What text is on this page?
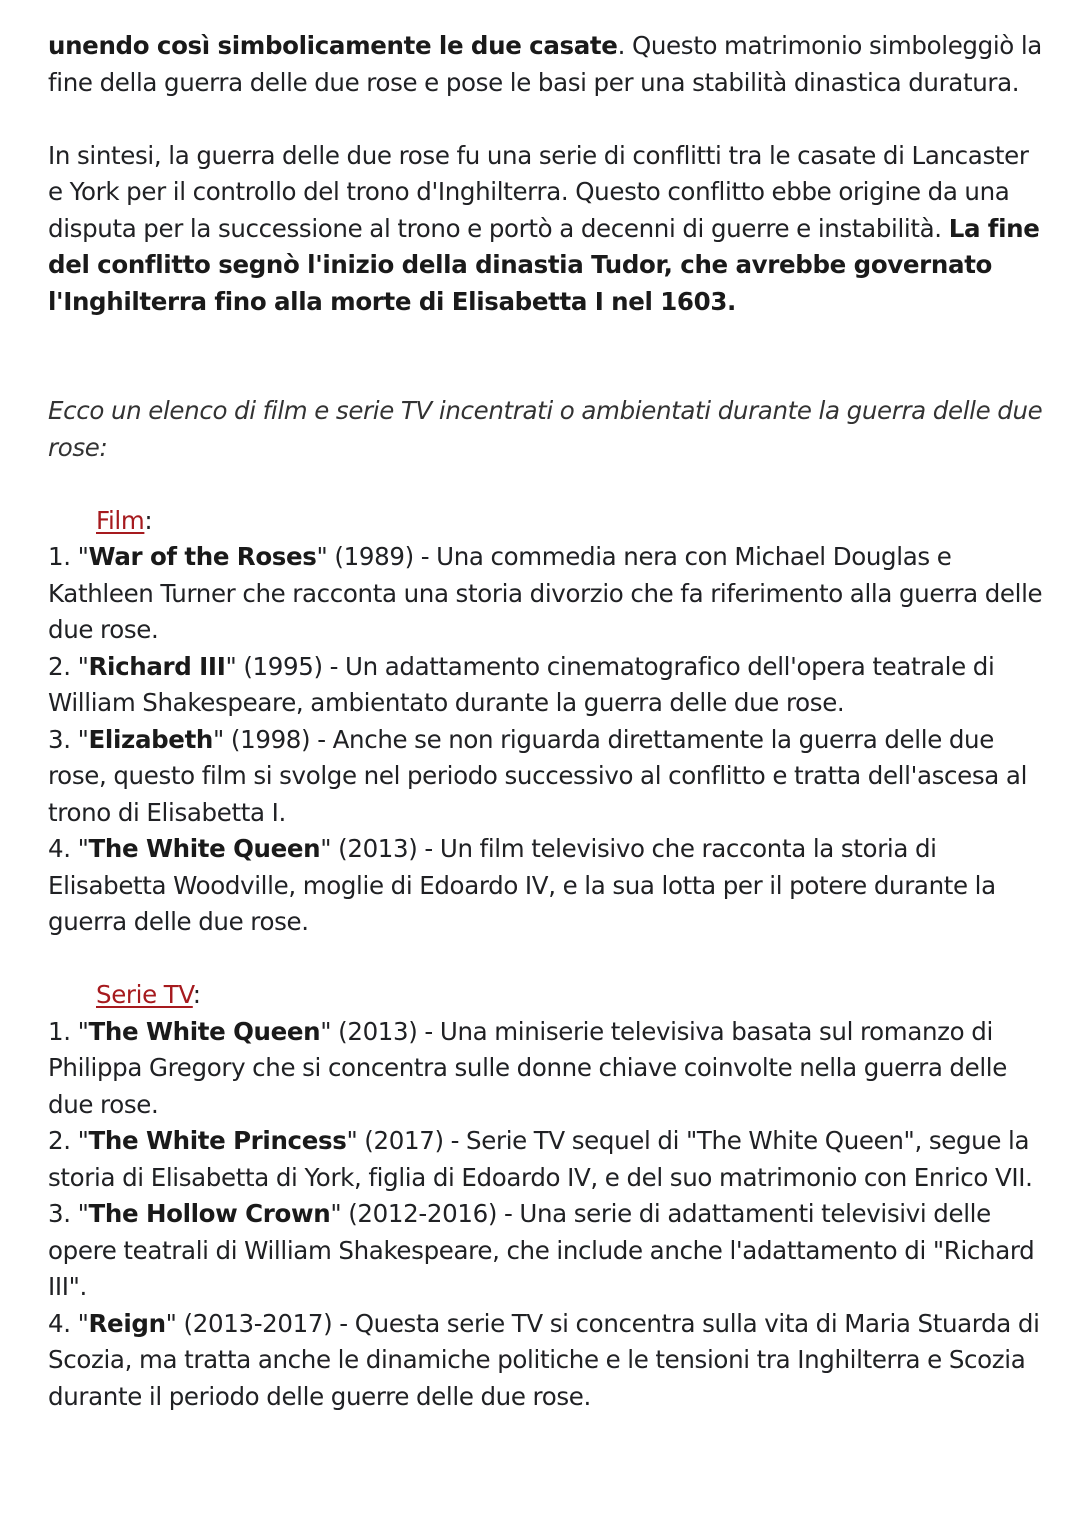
unendo così simbolicamente le due casate. Questo matrimonio simboleggiò la fine della guerra delle due rose e pose le basi per una stabilità dinastica duratura.

In sintesi, la guerra delle due rose fu una serie di conflitti tra le casate di Lancaster e York per il controllo del trono d'Inghilterra. Questo conflitto ebbe origine da una disputa per la successione al trono e portò a decenni di guerre e instabilità. La fine del conflitto segnò l'inizio della dinastia Tudor, che avrebbe governato l'Inghilterra fino alla morte di Elisabetta I nel 1603.

Ecco un elenco di film e serie TV incentrati o ambientati durante la guerra delle due rose:

Film:

1. "War of the Roses" (1989) - Una commedia nera con Michael Douglas e Kathleen Turner che racconta una storia divorzio che fa riferimento alla guerra delle due rose.

2. "Richard III" (1995) - Un adattamento cinematografico dell'opera teatrale di William Shakespeare, ambientato durante la guerra delle due rose.

3. "Elizabeth" (1998) - Anche se non riguarda direttamente la guerra delle due rose, questo film si svolge nel periodo successivo al conflitto e tratta dell'ascesa al trono di Elisabetta I.

4. "The White Queen" (2013) - Un film televisivo che racconta la storia di Elisabetta Woodville, moglie di Edoardo IV, e la sua lotta per il potere durante la guerra delle due rose.

Serie TV:

1. "The White Queen" (2013) - Una miniserie televisiva basata sul romanzo di Philippa Gregory che si concentra sulle donne chiave coinvolte nella guerra delle due rose.

2. "The White Princess" (2017) - Serie TV sequel di "The White Queen", segue la storia di Elisabetta di York, figlia di Edoardo IV, e del suo matrimonio con Enrico VII.

3. "The Hollow Crown" (2012-2016) - Una serie di adattamenti televisivi delle opere teatrali di William Shakespeare, che include anche l'adattamento di "Richard III".

4. "Reign" (2013-2017) - Questa serie TV si concentra sulla vita di Maria Stuarda di Scozia, ma tratta anche le dinamiche politiche e le tensioni tra Inghilterra e Scozia durante il periodo delle guerre delle due rose.
